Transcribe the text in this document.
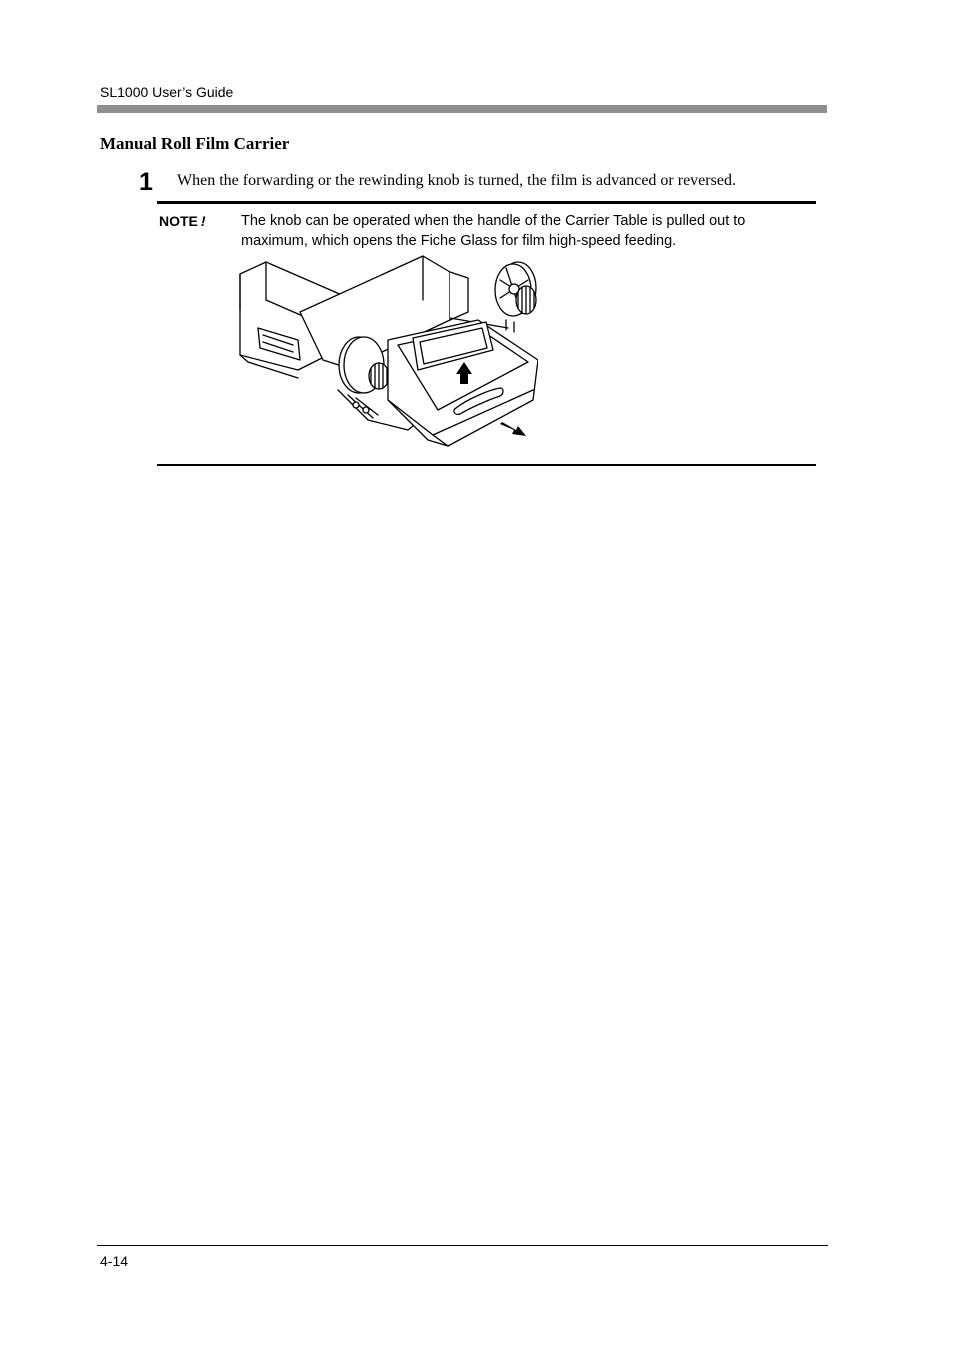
SL1000 User’s Guide
Manual Roll Film Carrier
1 When the forwarding or the rewinding knob is turned, the film is advanced or reversed.
NOTE ! The knob can be operated when the handle of the Carrier Table is pulled out to maximum, which opens the Fiche Glass for film high-speed feeding.
4-14
